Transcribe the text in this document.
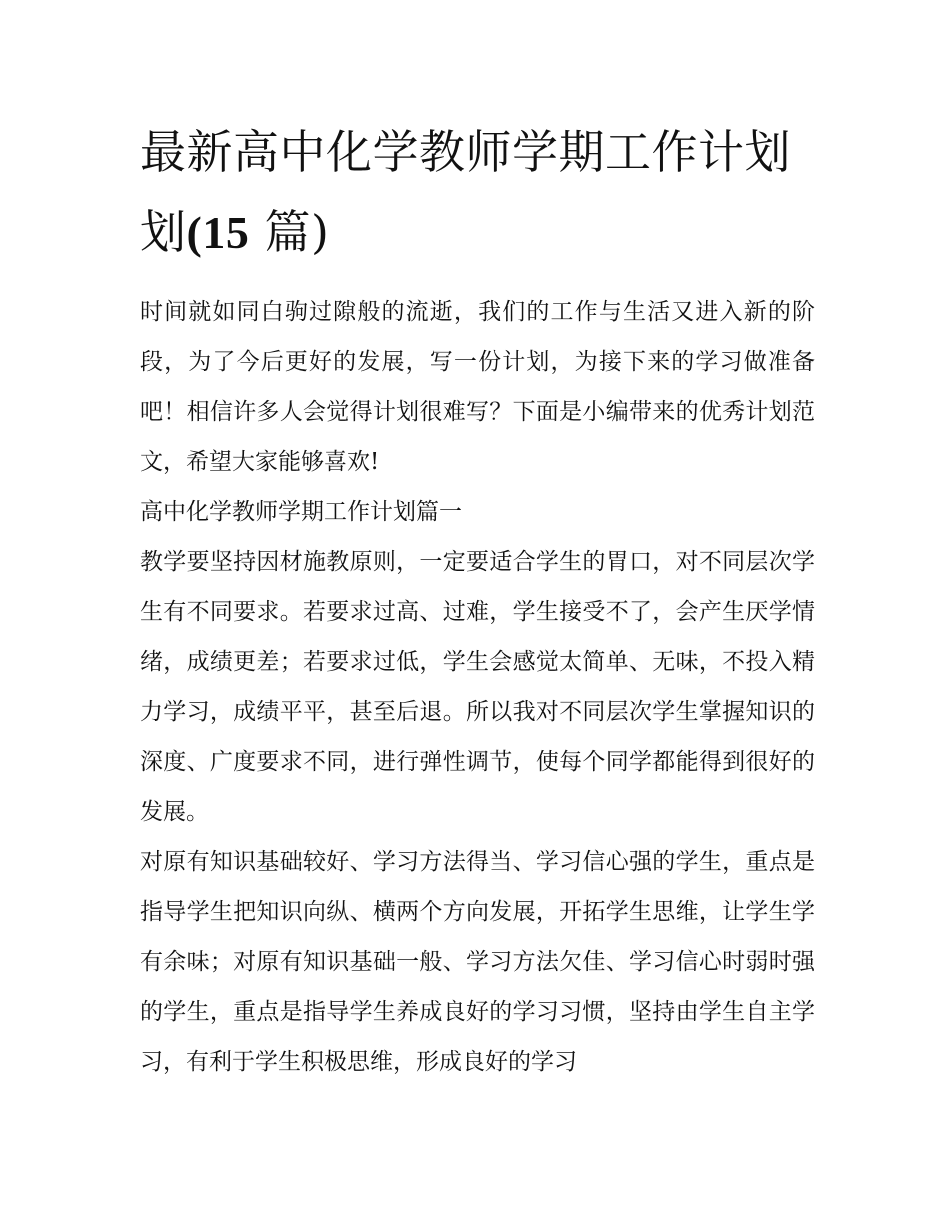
最新高中化学教师学期工作计划
划(15 篇)

时间就如同白驹过隙般的流逝，我们的工作与生活又进入新的阶段，为了今后更好的发展，写一份计划，为接下来的学习做准备吧！相信许多人会觉得计划很难写？下面是小编带来的优秀计划范文，希望大家能够喜欢!

高中化学教师学期工作计划篇一

教学要坚持因材施教原则，一定要适合学生的胃口，对不同层次学生有不同要求。若要求过高、过难，学生接受不了，会产生厌学情绪，成绩更差；若要求过低，学生会感觉太简单、无味，不投入精力学习，成绩平平，甚至后退。所以我对不同层次学生掌握知识的深度、广度要求不同，进行弹性调节，使每个同学都能得到很好的发展。

对原有知识基础较好、学习方法得当、学习信心强的学生，重点是指导学生把知识向纵、横两个方向发展，开拓学生思维，让学生学有余味；对原有知识基础一般、学习方法欠佳、学习信心时弱时强的学生，重点是指导学生养成良好的学习习惯，坚持由学生自主学习，有利于学生积极思维，形成良好的学习
